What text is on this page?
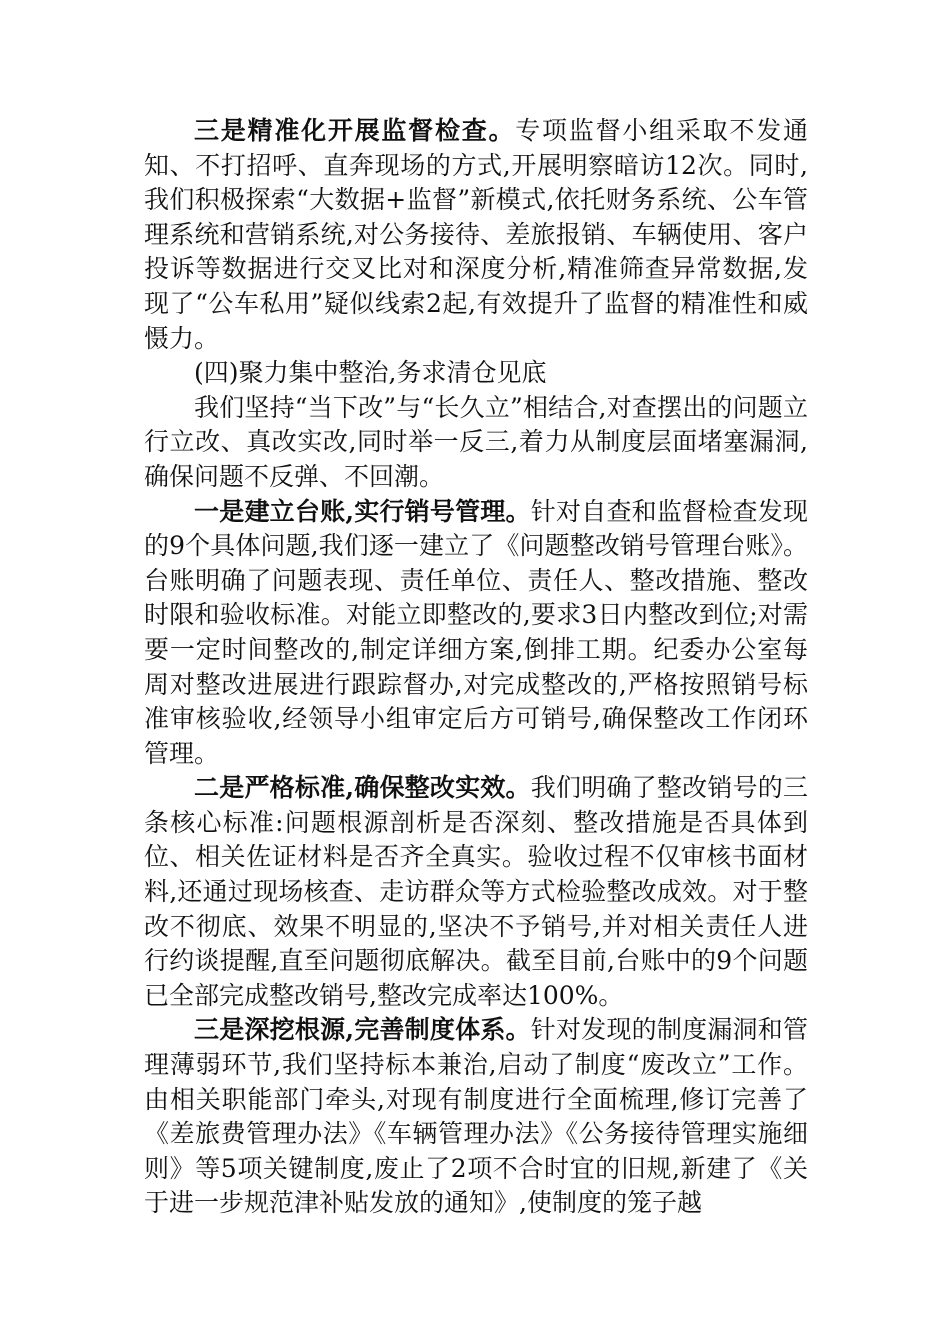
三是精准化开展监督检查。专项监督小组采取不发通知、不打招呼、直奔现场的方式,开展明察暗访12次。同时,我们积极探索“大数据+监督”新模式,依托财务系统、公车管理系统和营销系统,对公务接待、差旅报销、车辆使用、客户投诉等数据进行交叉比对和深度分析,精准筛查异常数据,发现了“公车私用”疑似线索2起,有效提升了监督的精准性和威慑力。

(四)聚力集中整治,务求清仓见底

我们坚持“当下改”与“长久立”相结合,对查摆出的问题立行立改、真改实改,同时举一反三,着力从制度层面堵塞漏洞,确保问题不反弹、不回潮。

一是建立台账,实行销号管理。针对自查和监督检查发现的9个具体问题,我们逐一建立了《问题整改销号管理台账》。台账明确了问题表现、责任单位、责任人、整改措施、整改时限和验收标准。对能立即整改的,要求3日内整改到位;对需要一定时间整改的,制定详细方案,倒排工期。纪委办公室每周对整改进展进行跟踪督办,对完成整改的,严格按照销号标准审核验收,经领导小组审定后方可销号,确保整改工作闭环管理。

二是严格标准,确保整改实效。我们明确了整改销号的三条核心标准:问题根源剖析是否深刻、整改措施是否具体到位、相关佐证材料是否齐全真实。验收过程不仅审核书面材料,还通过现场核查、走访群众等方式检验整改成效。对于整改不彻底、效果不明显的,坚决不予销号,并对相关责任人进行约谈提醒,直至问题彻底解决。截至目前,台账中的9个问题已全部完成整改销号,整改完成率达100%。

三是深挖根源,完善制度体系。针对发现的制度漏洞和管理薄弱环节,我们坚持标本兼治,启动了制度“废改立”工作。由相关职能部门牵头,对现有制度进行全面梳理,修订完善了《差旅费管理办法》《车辆管理办法》《公务接待管理实施细则》等5项关键制度,废止了2项不合时宜的旧规,新建了《关于进一步规范津补贴发放的通知》,使制度的笼子越
